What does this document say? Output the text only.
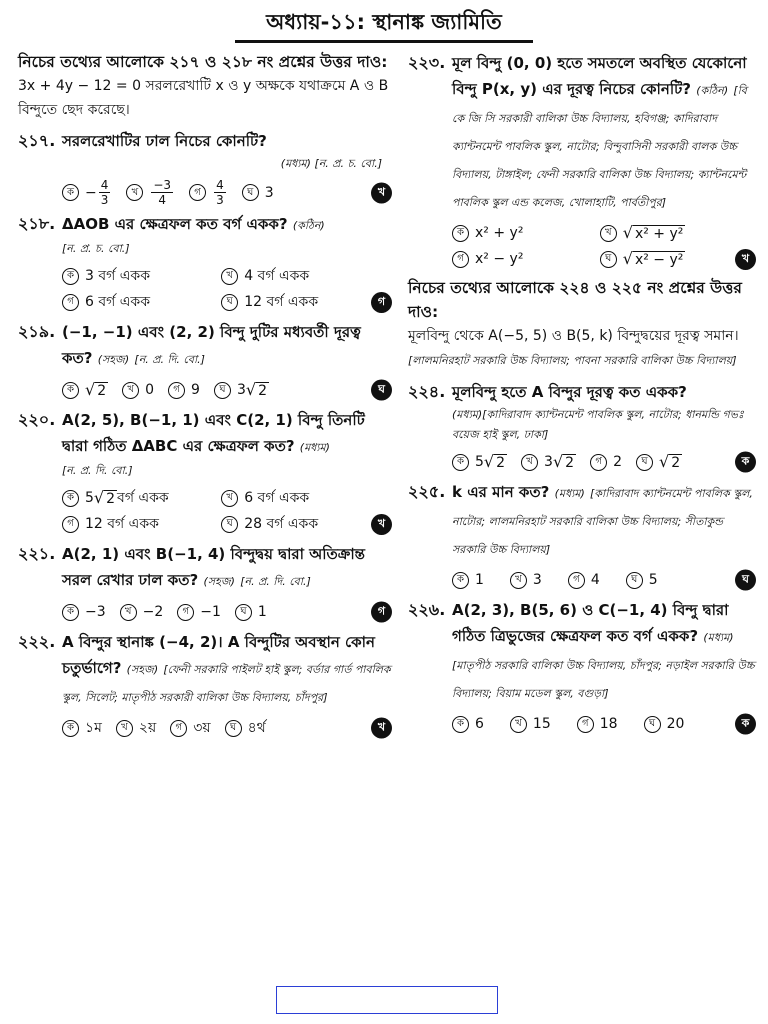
অধ্যায়-১১: স্থানাঙ্ক জ্যামিতি
নিচের তথ্যের আলোকে ২১৭ ও ২১৮ নং প্রশ্নের উত্তর দাও:
3x + 4y − 12 = 0 সরলরেখাটি x ও y অক্ষকে যথাক্রমে A ও B বিন্দুতে ছেদ করেছে।
২১৭. সরলরেখাটির ঢাল নিচের কোনটি?
(মধ্যম) [ন. প্র. চ. বো.]
ক − $\frac{4}{3}$	খ	$\frac{-3}{4}$	গ	$\frac{4}{3}$	ঘ 3	খ
২১৮. ΔAOB এর ক্ষেত্রফল কত বর্গ একক? (কঠিন)
[ন. প্র. চ. বো.]
ক 3 বর্গ একক	খ 4 বর্গ একক
গ 6 বর্গ একক	ঘ 12 বর্গ একক	গ
২১৯. (−1, −1) এবং (2, 2) বিন্দু দুটির মধ্যবর্তী দূরত্ব কত? (সহজ) [ন. প্র. দি. বো.]
ক √ 2	খ 0	গ 9	ঘ 3 √ 2	ঘ
২২০. A(2, 5), B(−1, 1) এবং C(2, 1) বিন্দু তিনটি দ্বারা গঠিত ΔABC এর ক্ষেত্রফল কত? (মধ্যম)
[ন. প্র. দি. বো.]
ক 5 √ 2 বর্গ একক	খ 6 বর্গ একক
গ 12 বর্গ একক	ঘ 28 বর্গ একক	খ
২২১. A(2, 1) এবং B(−1, 4) বিন্দুদ্বয় দ্বারা অতিক্রান্ত সরল রেখার ঢাল কত? (সহজ) [ন. প্র. দি. বো.]
ক −3	খ −2	গ −1	ঘ 1	গ
২২২. A বিন্দুর স্থানাঙ্ক (−4, 2)। A বিন্দুটির অবস্থান কোন চতুর্ভাগে? (সহজ) [ফেনী সরকারি পাইলট হাই স্কুল; বর্ডার গার্ড পাবলিক স্কুল, সিলেট; মাতৃপীঠ সরকারী বালিকা উচ্চ বিদ্যালয়, চাঁদপুর]
ক ১ম	খ ২য়	গ ৩য়	ঘ ৪র্থ	খ
২২৩. মূল বিন্দু (0, 0) হতে সমতলে অবস্থিত যেকোনো বিন্দু P(x, y) এর দূরত্ব নিচের কোনটি? (কঠিন) [বি কে জি সি সরকারী বালিকা উচ্চ বিদ্যালয়, হবিগঞ্জ; কাদিরাবাদ ক্যান্টনমেন্ট পাবলিক স্কুল, নাটোর; বিন্দুবাসিনী সরকারী বালক উচ্চ বিদ্যালয়, টাঙ্গাইল; ফেনী সরকারি বালিকা উচ্চ বিদ্যালয়; ক্যান্টনমেন্ট পাবলিক স্কুল এন্ড কলেজ, খোলাহাটি, পার্বতীপুর]
ক x² + y²	খ √ x² + y²
গ x² − y²	ঘ √ x² − y²	খ
নিচের তথ্যের আলোকে ২২৪ ও ২২৫ নং প্রশ্নের উত্তর দাও:
মূলবিন্দু থেকে A(−5, 5) ও B(5, k) বিন্দুদ্বয়ের দূরত্ব সমান। [লালমনিরহাট সরকারি উচ্চ বিদ্যালয়; পাবনা সরকারি বালিকা উচ্চ বিদ্যালয়]
২২৪. মূলবিন্দু হতে A বিন্দুর দূরত্ব কত একক?
(মধ্যম)[কাদিরাবাদ ক্যান্টনমেন্ট পাবলিক স্কুল, নাটোর; ধানমন্ডি গভঃ বয়েজ হাই স্কুল, ঢাকা]
ক 5 √ 2	খ 3 √ 2	গ 2	ঘ √ 2	ক
২২৫. k এর মান কত? (মধ্যম) [কাদিরাবাদ ক্যান্টনমেন্ট পাবলিক স্কুল, নাটোর; লালমনিরহাট সরকারি বালিকা উচ্চ বিদ্যালয়; সীতাকুন্ড সরকারি উচ্চ বিদ্যালয়]
ক 1	খ 3	গ 4	ঘ 5	ঘ
২২৬. A(2, 3), B(5, 6) ও C(−1, 4) বিন্দু দ্বারা গঠিত ত্রিভুজের ক্ষেত্রফল কত বর্গ একক? (মধ্যম) [মাতৃপীঠ সরকারি বালিকা উচ্চ বিদ্যালয়, চাঁদপুর; নড়াইল সরকারি উচ্চ বিদ্যালয়; বিয়াম মডেল স্কুল, বগুড়া]
ক 6	খ 15	গ 18	ঘ 20	ক
